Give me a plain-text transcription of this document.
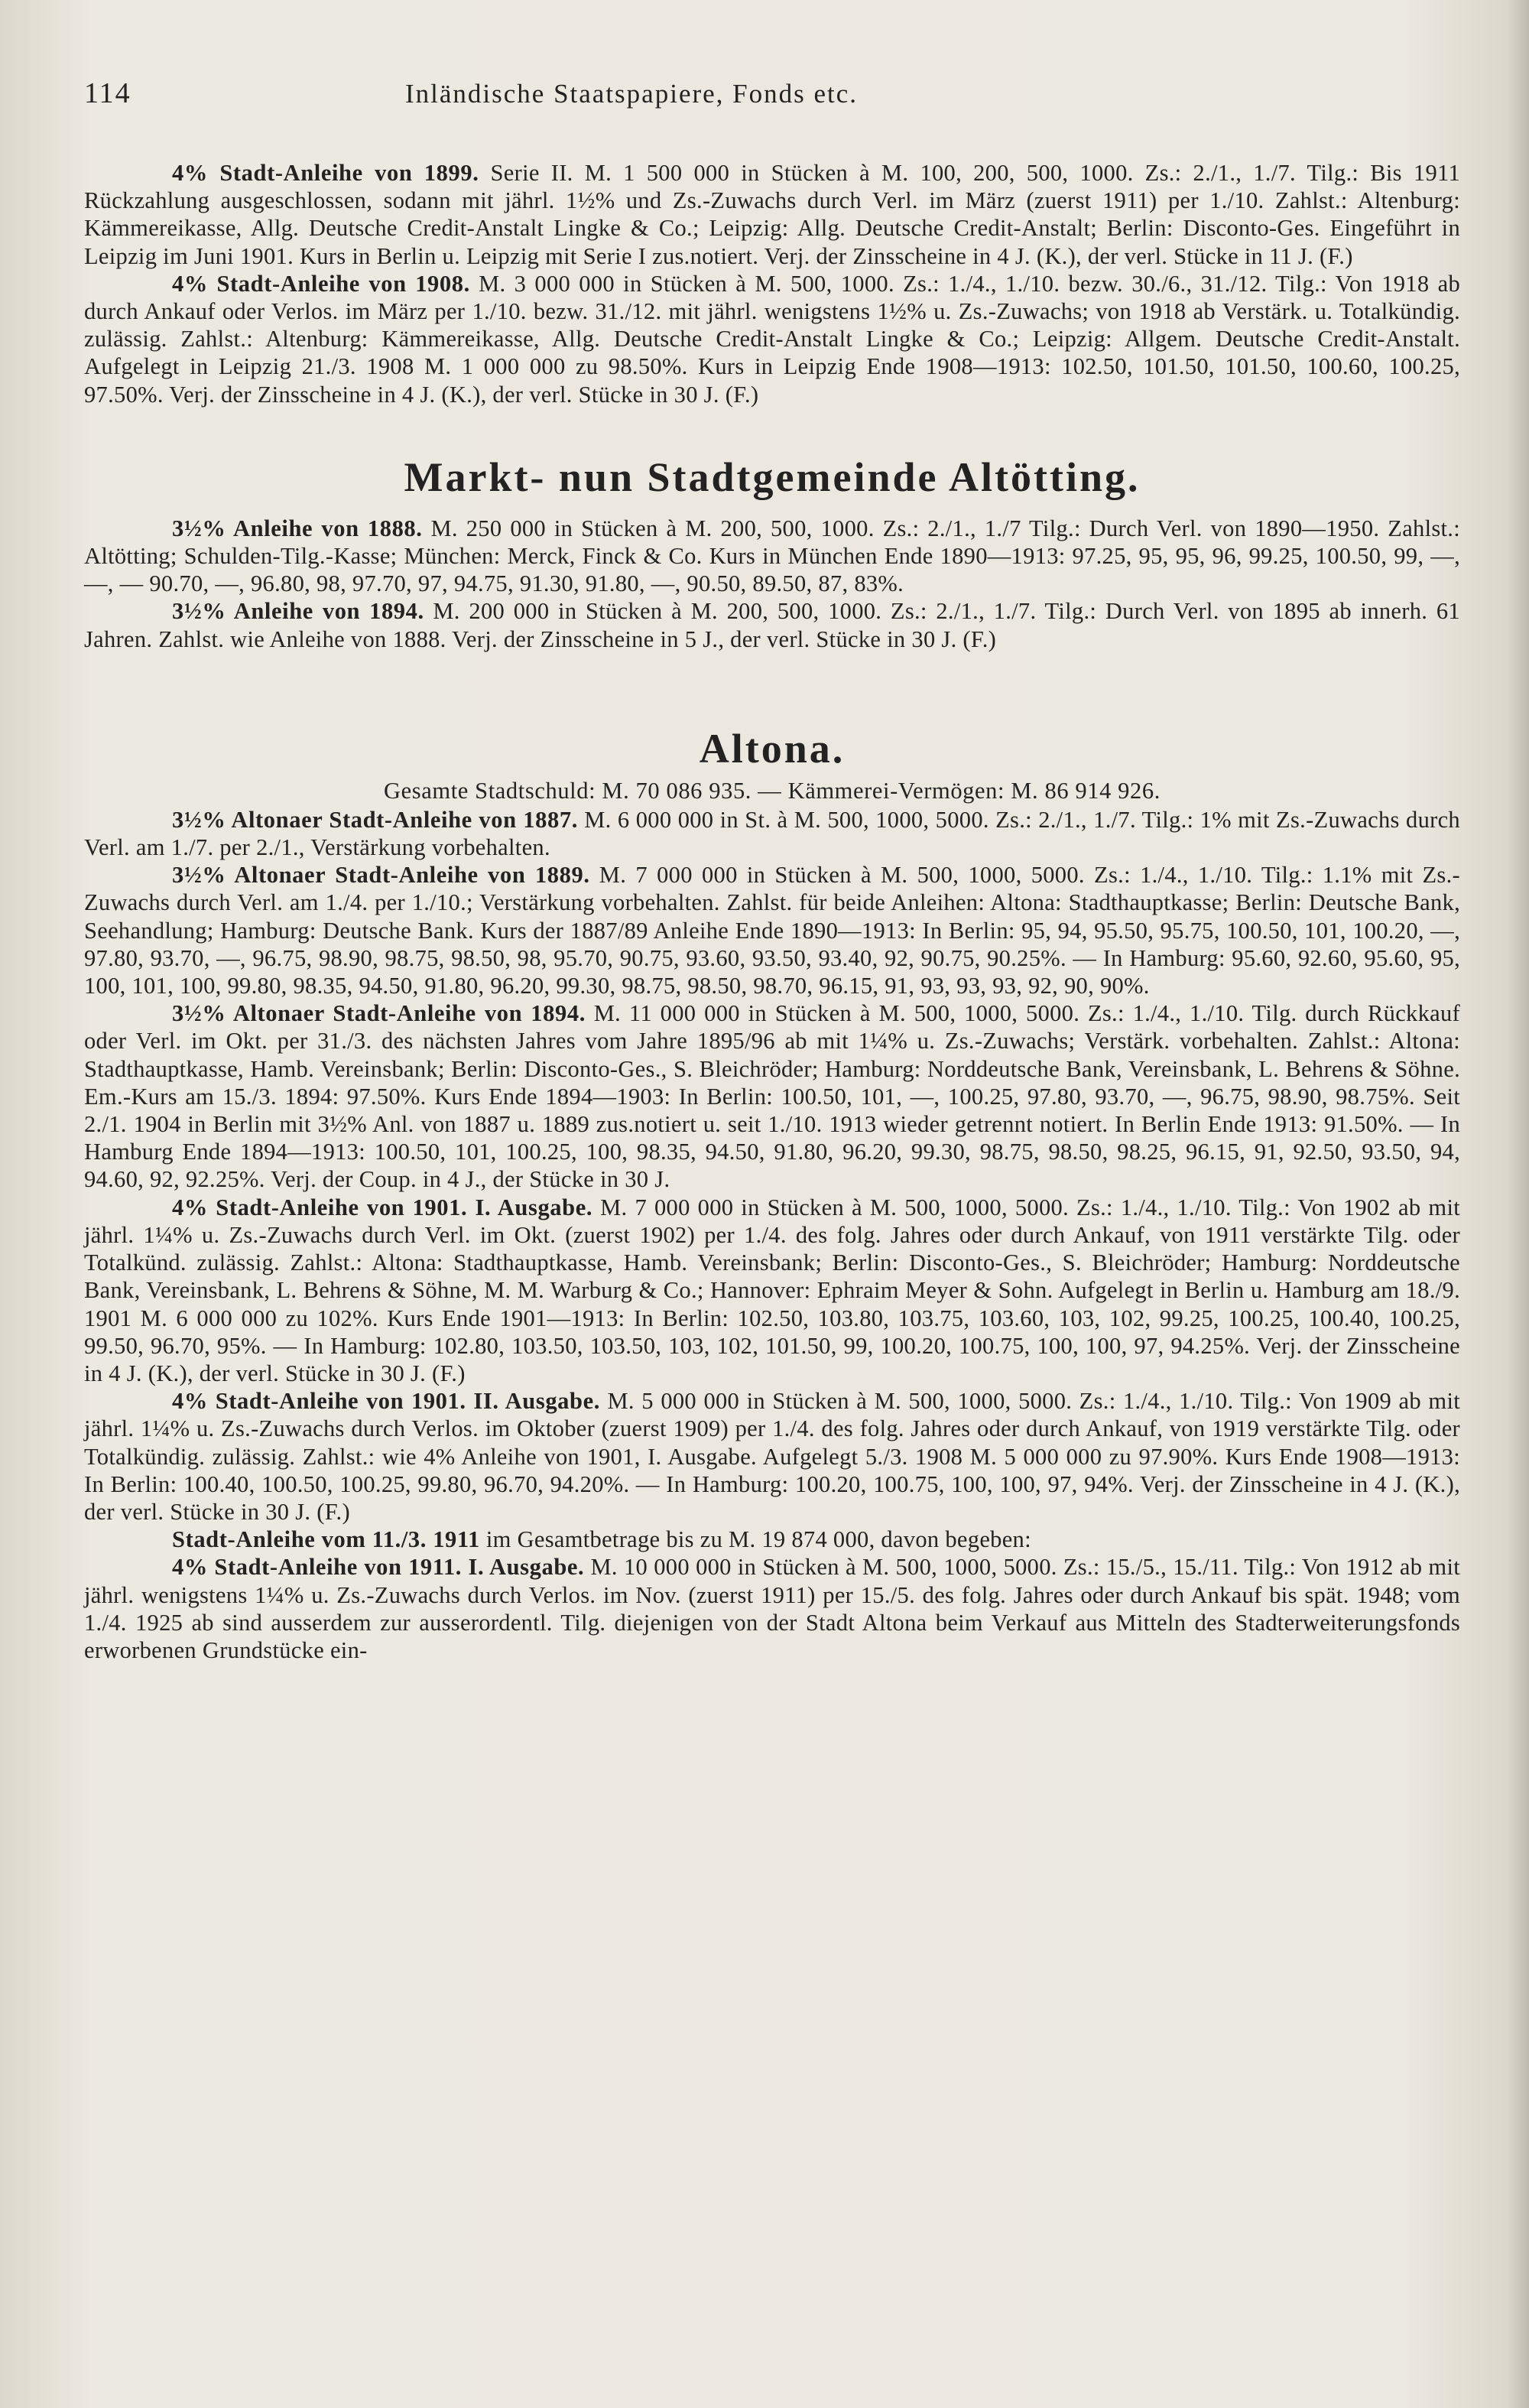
114	Inländische Staatspapiere, Fonds etc.

4% Stadt-Anleihe von 1899. Serie II. M. 1 500 000 in Stücken à M. 100, 200, 500, 1000. Zs.: 2./1., 1./7. Tilg.: Bis 1911 Rückzahlung ausgeschlossen, sodann mit jährl. 1½% und Zs.-Zuwachs durch Verl. im März (zuerst 1911) per 1./10. Zahlst.: Altenburg: Kämmereikasse, Allg. Deutsche Credit-Anstalt Lingke & Co.; Leipzig: Allg. Deutsche Credit-Anstalt; Berlin: Disconto-Ges. Eingeführt in Leipzig im Juni 1901. Kurs in Berlin u. Leipzig mit Serie I zus.notiert. Verj. der Zinsscheine in 4 J. (K.), der verl. Stücke in 11 J. (F.)

4% Stadt-Anleihe von 1908. M. 3 000 000 in Stücken à M. 500, 1000. Zs.: 1./4., 1./10. bezw. 30./6., 31./12. Tilg.: Von 1918 ab durch Ankauf oder Verlos. im März per 1./10. bezw. 31./12. mit jährl. wenigstens 1½% u. Zs.-Zuwachs; von 1918 ab Verstärk. u. Totalkündig. zulässig. Zahlst.: Altenburg: Kämmereikasse, Allg. Deutsche Credit-Anstalt Lingke & Co.; Leipzig: Allgem. Deutsche Credit-Anstalt. Aufgelegt in Leipzig 21./3. 1908 M. 1 000 000 zu 98.50%. Kurs in Leipzig Ende 1908—1913: 102.50, 101.50, 101.50, 100.60, 100.25, 97.50%. Verj. der Zinsscheine in 4 J. (K.), der verl. Stücke in 30 J. (F.)

Markt- nun Stadtgemeinde Altötting.

3½% Anleihe von 1888. M. 250 000 in Stücken à M. 200, 500, 1000. Zs.: 2./1., 1./7 Tilg.: Durch Verl. von 1890—1950. Zahlst.: Altötting; Schulden-Tilg.-Kasse; München: Merck, Finck & Co. Kurs in München Ende 1890—1913: 97.25, 95, 95, 96, 99.25, 100.50, 99, —, —, — 90.70, —, 96.80, 98, 97.70, 97, 94.75, 91.30, 91.80, —, 90.50, 89.50, 87, 83%.

3½% Anleihe von 1894. M. 200 000 in Stücken à M. 200, 500, 1000. Zs.: 2./1., 1./7. Tilg.: Durch Verl. von 1895 ab innerh. 61 Jahren. Zahlst. wie Anleihe von 1888. Verj. der Zinsscheine in 5 J., der verl. Stücke in 30 J. (F.)

Altona.
Gesamte Stadtschuld: M. 70 086 935. — Kämmerei-Vermögen: M. 86 914 926.

3½% Altonaer Stadt-Anleihe von 1887. M. 6 000 000 in St. à M. 500, 1000, 5000. Zs.: 2./1., 1./7. Tilg.: 1% mit Zs.-Zuwachs durch Verl. am 1./7. per 2./1., Verstärkung vorbehalten.

3½% Altonaer Stadt-Anleihe von 1889. M. 7 000 000 in Stücken à M. 500, 1000, 5000. Zs.: 1./4., 1./10. Tilg.: 1.1% mit Zs.-Zuwachs durch Verl. am 1./4. per 1./10.; Verstärkung vorbehalten. Zahlst. für beide Anleihen: Altona: Stadthauptkasse; Berlin: Deutsche Bank, Seehandlung; Hamburg: Deutsche Bank. Kurs der 1887/89 Anleihe Ende 1890—1913: In Berlin: 95, 94, 95.50, 95.75, 100.50, 101, 100.20, —, 97.80, 93.70, —, 96.75, 98.90, 98.75, 98.50, 98, 95.70, 90.75, 93.60, 93.50, 93.40, 92, 90.75, 90.25%. — In Hamburg: 95.60, 92.60, 95.60, 95, 100, 101, 100, 99.80, 98.35, 94.50, 91.80, 96.20, 99.30, 98.75, 98.50, 98.70, 96.15, 91, 93, 93, 93, 92, 90, 90%.

3½% Altonaer Stadt-Anleihe von 1894. M. 11 000 000 in Stücken à M. 500, 1000, 5000. Zs.: 1./4., 1./10. Tilg. durch Rückkauf oder Verl. im Okt. per 31./3. des nächsten Jahres vom Jahre 1895/96 ab mit 1¼% u. Zs.-Zuwachs; Verstärk. vorbehalten. Zahlst.: Altona: Stadthauptkasse, Hamb. Vereinsbank; Berlin: Disconto-Ges., S. Bleichröder; Hamburg: Norddeutsche Bank, Vereinsbank, L. Behrens & Söhne. Em.-Kurs am 15./3. 1894: 97.50%. Kurs Ende 1894—1903: In Berlin: 100.50, 101, —, 100.25, 97.80, 93.70, —, 96.75, 98.90, 98.75%. Seit 2./1. 1904 in Berlin mit 3½% Anl. von 1887 u. 1889 zus.notiert u. seit 1./10. 1913 wieder getrennt notiert. In Berlin Ende 1913: 91.50%. — In Hamburg Ende 1894—1913: 100.50, 101, 100.25, 100, 98.35, 94.50, 91.80, 96.20, 99.30, 98.75, 98.50, 98.25, 96.15, 91, 92.50, 93.50, 94, 94.60, 92, 92.25%. Verj. der Coup. in 4 J., der Stücke in 30 J.

4% Stadt-Anleihe von 1901. I. Ausgabe. M. 7 000 000 in Stücken à M. 500, 1000, 5000. Zs.: 1./4., 1./10. Tilg.: Von 1902 ab mit jährl. 1¼% u. Zs.-Zuwachs durch Verl. im Okt. (zuerst 1902) per 1./4. des folg. Jahres oder durch Ankauf, von 1911 verstärkte Tilg. oder Totalkünd. zulässig. Zahlst.: Altona: Stadthauptkasse, Hamb. Vereinsbank; Berlin: Disconto-Ges., S. Bleichröder; Hamburg: Norddeutsche Bank, Vereinsbank, L. Behrens & Söhne, M. M. Warburg & Co.; Hannover: Ephraim Meyer & Sohn. Aufgelegt in Berlin u. Hamburg am 18./9. 1901 M. 6 000 000 zu 102%. Kurs Ende 1901—1913: In Berlin: 102.50, 103.80, 103.75, 103.60, 103, 102, 99.25, 100.25, 100.40, 100.25, 99.50, 96.70, 95%. — In Hamburg: 102.80, 103.50, 103.50, 103, 102, 101.50, 99, 100.20, 100.75, 100, 100, 97, 94.25%. Verj. der Zinsscheine in 4 J. (K.), der verl. Stücke in 30 J. (F.)

4% Stadt-Anleihe von 1901. II. Ausgabe. M. 5 000 000 in Stücken à M. 500, 1000, 5000. Zs.: 1./4., 1./10. Tilg.: Von 1909 ab mit jährl. 1¼% u. Zs.-Zuwachs durch Verlos. im Oktober (zuerst 1909) per 1./4. des folg. Jahres oder durch Ankauf, von 1919 verstärkte Tilg. oder Totalkündig. zulässig. Zahlst.: wie 4% Anleihe von 1901, I. Ausgabe. Aufgelegt 5./3. 1908 M. 5 000 000 zu 97.90%. Kurs Ende 1908—1913: In Berlin: 100.40, 100.50, 100.25, 99.80, 96.70, 94.20%. — In Hamburg: 100.20, 100.75, 100, 100, 97, 94%. Verj. der Zinsscheine in 4 J. (K.), der verl. Stücke in 30 J. (F.)

Stadt-Anleihe vom 11./3. 1911 im Gesamtbetrage bis zu M. 19 874 000, davon begeben:

4% Stadt-Anleihe von 1911. I. Ausgabe. M. 10 000 000 in Stücken à M. 500, 1000, 5000. Zs.: 15./5., 15./11. Tilg.: Von 1912 ab mit jährl. wenigstens 1¼% u. Zs.-Zuwachs durch Verlos. im Nov. (zuerst 1911) per 15./5. des folg. Jahres oder durch Ankauf bis spät. 1948; vom 1./4. 1925 ab sind ausserdem zur ausserordentl. Tilg. diejenigen von der Stadt Altona beim Verkauf aus Mitteln des Stadterweiterungsfonds erworbenen Grundstücke ein-
